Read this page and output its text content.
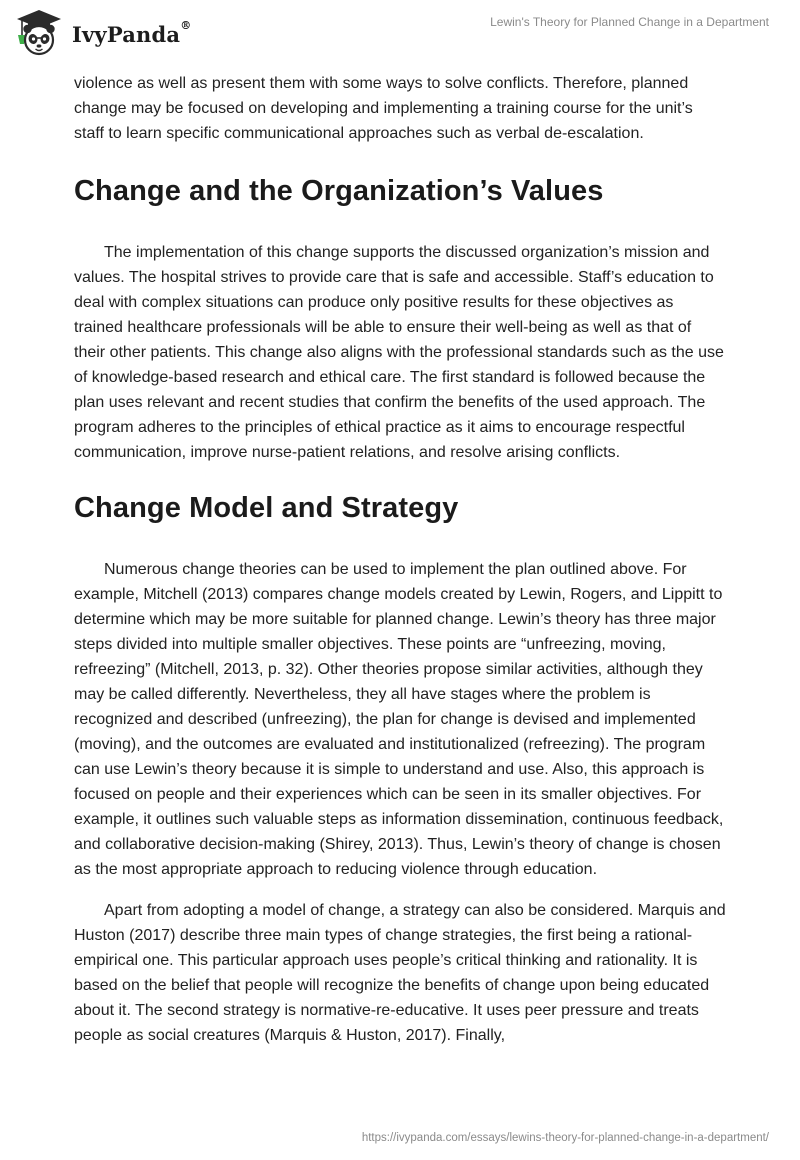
IvyPanda®	Lewin's Theory for Planned Change in a Department

violence as well as present them with some ways to solve conflicts. Therefore, planned change may be focused on developing and implementing a training course for the unit’s staff to learn specific communicational approaches such as verbal de-escalation.

Change and the Organization’s Values

The implementation of this change supports the discussed organization’s mission and values. The hospital strives to provide care that is safe and accessible. Staff’s education to deal with complex situations can produce only positive results for these objectives as trained healthcare professionals will be able to ensure their well-being as well as that of their other patients. This change also aligns with the professional standards such as the use of knowledge-based research and ethical care. The first standard is followed because the plan uses relevant and recent studies that confirm the benefits of the used approach. The program adheres to the principles of ethical practice as it aims to encourage respectful communication, improve nurse-patient relations, and resolve arising conflicts.

Change Model and Strategy

Numerous change theories can be used to implement the plan outlined above. For example, Mitchell (2013) compares change models created by Lewin, Rogers, and Lippitt to determine which may be more suitable for planned change. Lewin’s theory has three major steps divided into multiple smaller objectives. These points are “unfreezing, moving, refreezing” (Mitchell, 2013, p. 32). Other theories propose similar activities, although they may be called differently. Nevertheless, they all have stages where the problem is recognized and described (unfreezing), the plan for change is devised and implemented (moving), and the outcomes are evaluated and institutionalized (refreezing). The program can use Lewin’s theory because it is simple to understand and use. Also, this approach is focused on people and their experiences which can be seen in its smaller objectives. For example, it outlines such valuable steps as information dissemination, continuous feedback, and collaborative decision-making (Shirey, 2013). Thus, Lewin’s theory of change is chosen as the most appropriate approach to reducing violence through education.

Apart from adopting a model of change, a strategy can also be considered. Marquis and Huston (2017) describe three main types of change strategies, the first being a rational-empirical one. This particular approach uses people’s critical thinking and rationality. It is based on the belief that people will recognize the benefits of change upon being educated about it. The second strategy is normative-re-educative. It uses peer pressure and treats people as social creatures (Marquis & Huston, 2017). Finally,

https://ivypanda.com/essays/lewins-theory-for-planned-change-in-a-department/
